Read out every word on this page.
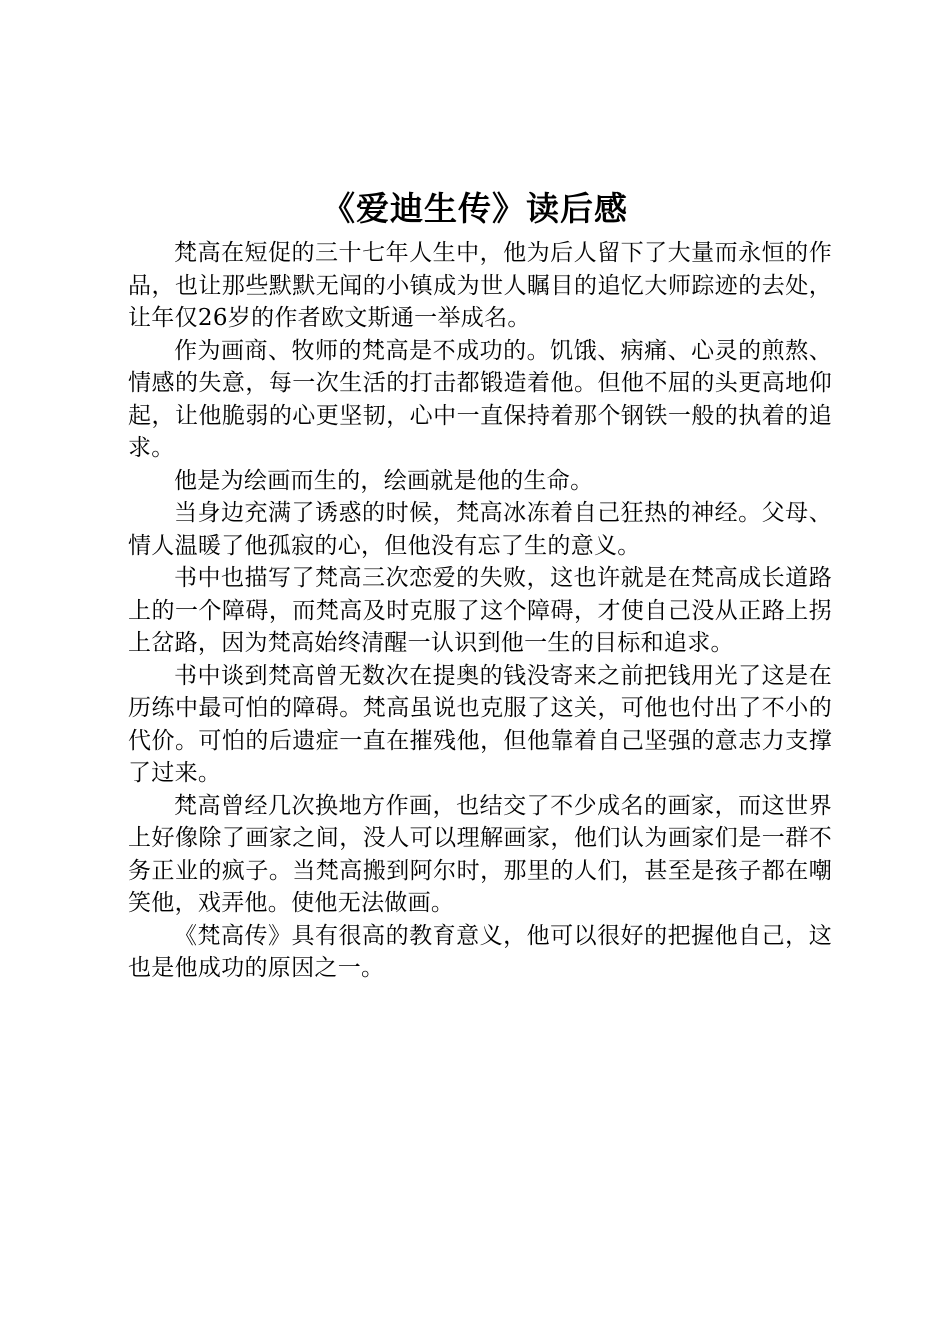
《爱迪生传》读后感

梵高在短促的三十七年人生中，他为后人留下了大量而永恒的作品，也让那些默默无闻的小镇成为世人瞩目的追忆大师踪迹的去处，让年仅26岁的作者欧文斯通一举成名。

作为画商、牧师的梵高是不成功的。饥饿、病痛、心灵的煎熬、情感的失意，每一次生活的打击都锻造着他。但他不屈的头更高地仰起，让他脆弱的心更坚韧，心中一直保持着那个钢铁一般的执着的追求。

他是为绘画而生的，绘画就是他的生命。

当身边充满了诱惑的时候，梵高冰冻着自己狂热的神经。父母、情人温暖了他孤寂的心，但他没有忘了生的意义。

书中也描写了梵高三次恋爱的失败，这也许就是在梵高成长道路上的一个障碍，而梵高及时克服了这个障碍，才使自己没从正路上拐上岔路，因为梵高始终清醒一认识到他一生的目标和追求。

书中谈到梵高曾无数次在提奥的钱没寄来之前把钱用光了这是在历练中最可怕的障碍。梵高虽说也克服了这关，可他也付出了不小的代价。可怕的后遗症一直在摧残他，但他靠着自己坚强的意志力支撑了过来。

梵高曾经几次换地方作画，也结交了不少成名的画家，而这世界上好像除了画家之间，没人可以理解画家，他们认为画家们是一群不务正业的疯子。当梵高搬到阿尔时，那里的人们，甚至是孩子都在嘲笑他，戏弄他。使他无法做画。

《梵高传》具有很高的教育意义，他可以很好的把握他自己，这也是他成功的原因之一。
